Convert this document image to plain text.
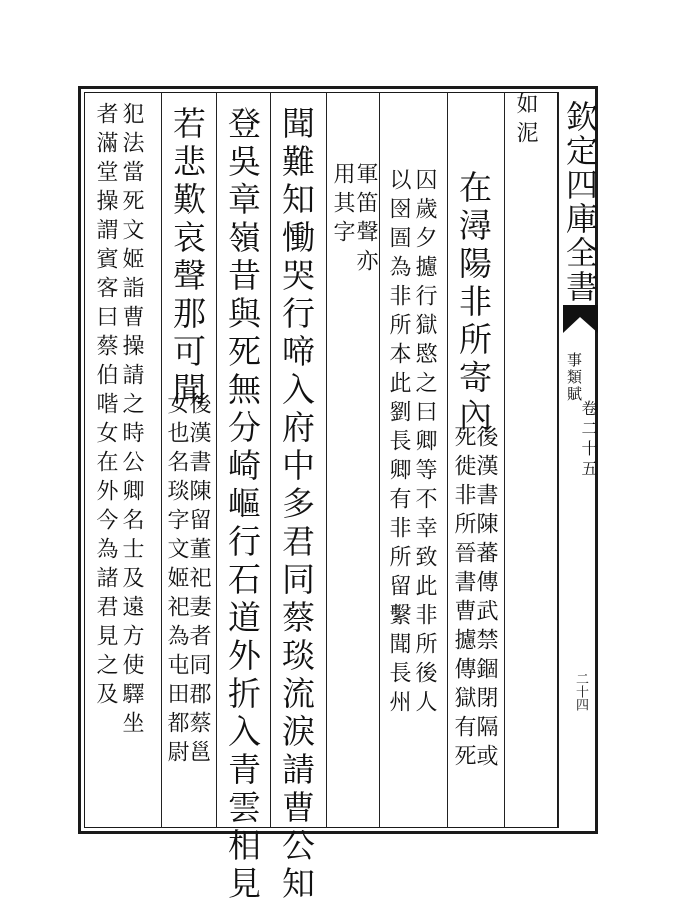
欽定四庫全書
事類賦
卷二十五
二十四
如泥
在潯陽非所寄內
後漢書陳蕃傳武禁錮閉隔或
死徙非所晉書曹攄傳獄有死
囚歲夕攄行獄愍之曰卿等不幸致此非所後人
以囹圄為非所本此劉長卿有非所留繫聞長州
軍笛聲亦
用其字
聞難知慟哭行啼入府中多君同蔡琰流淚請曹公知
登吳章嶺昔與死無分崎嶇行石道外折入青雲相見
若悲歎哀聲那可聞
後漢書陳留董祀妻者同郡蔡邕
女也名琰字文姬祀為屯田都尉
犯法當死文姬詣曹操請之時公卿名士及遠方使驛坐
者滿堂操謂賓客曰蔡伯喈女在外今為諸君見之及
